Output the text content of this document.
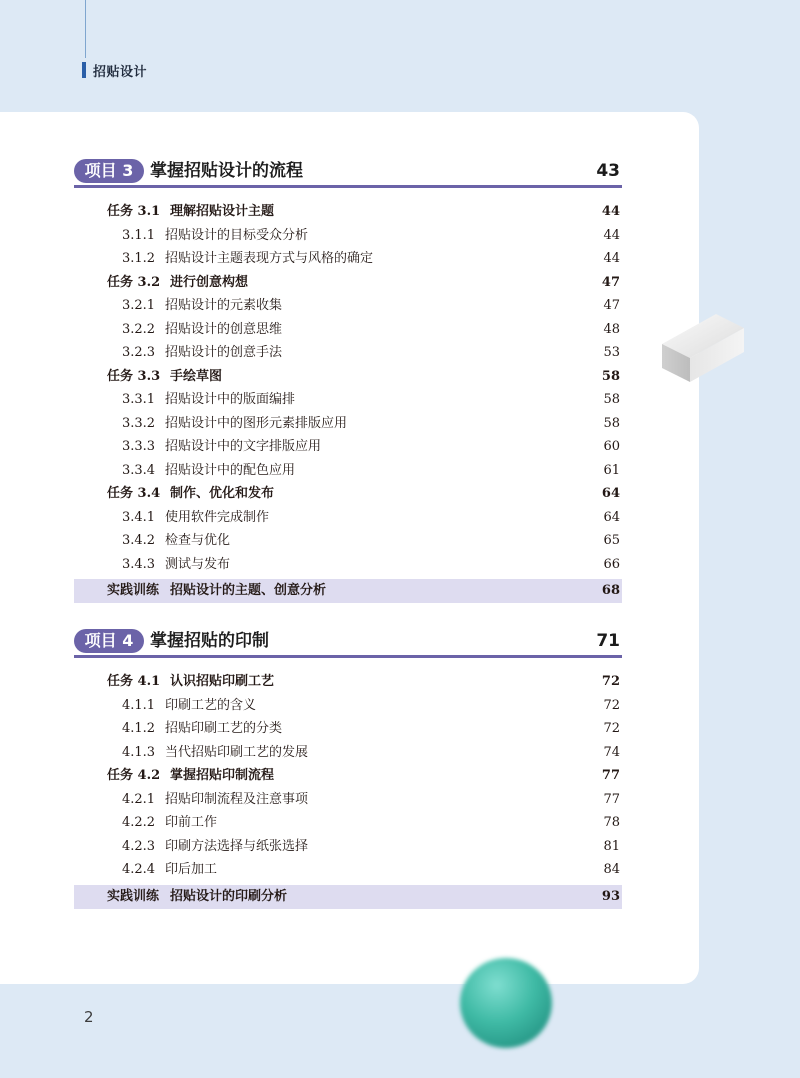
招贴设计
项目 3 掌握招贴设计的流程	43
任务 3.1 理解招贴设计主题	44
3.1.1 招贴设计的目标受众分析	44
3.1.2 招贴设计主题表现方式与风格的确定	44
任务 3.2 进行创意构想	47
3.2.1 招贴设计的元素收集	47
3.2.2 招贴设计的创意思维	48
3.2.3 招贴设计的创意手法	53
任务 3.3 手绘草图	58
3.3.1 招贴设计中的版面编排	58
3.3.2 招贴设计中的图形元素排版应用	58
3.3.3 招贴设计中的文字排版应用	60
3.3.4 招贴设计中的配色应用	61
任务 3.4 制作、优化和发布	64
3.4.1 使用软件完成制作	64
3.4.2 检查与优化	65
3.4.3 测试与发布	66
实践训练 招贴设计的主题、创意分析	68
项目 4 掌握招贴的印制	71
任务 4.1 认识招贴印刷工艺	72
4.1.1 印刷工艺的含义	72
4.1.2 招贴印刷工艺的分类	72
4.1.3 当代招贴印刷工艺的发展	74
任务 4.2 掌握招贴印制流程	77
4.2.1 招贴印制流程及注意事项	77
4.2.2 印前工作	78
4.2.3 印刷方法选择与纸张选择	81
4.2.4 印后加工	84
实践训练 招贴设计的印刷分析	93
2
